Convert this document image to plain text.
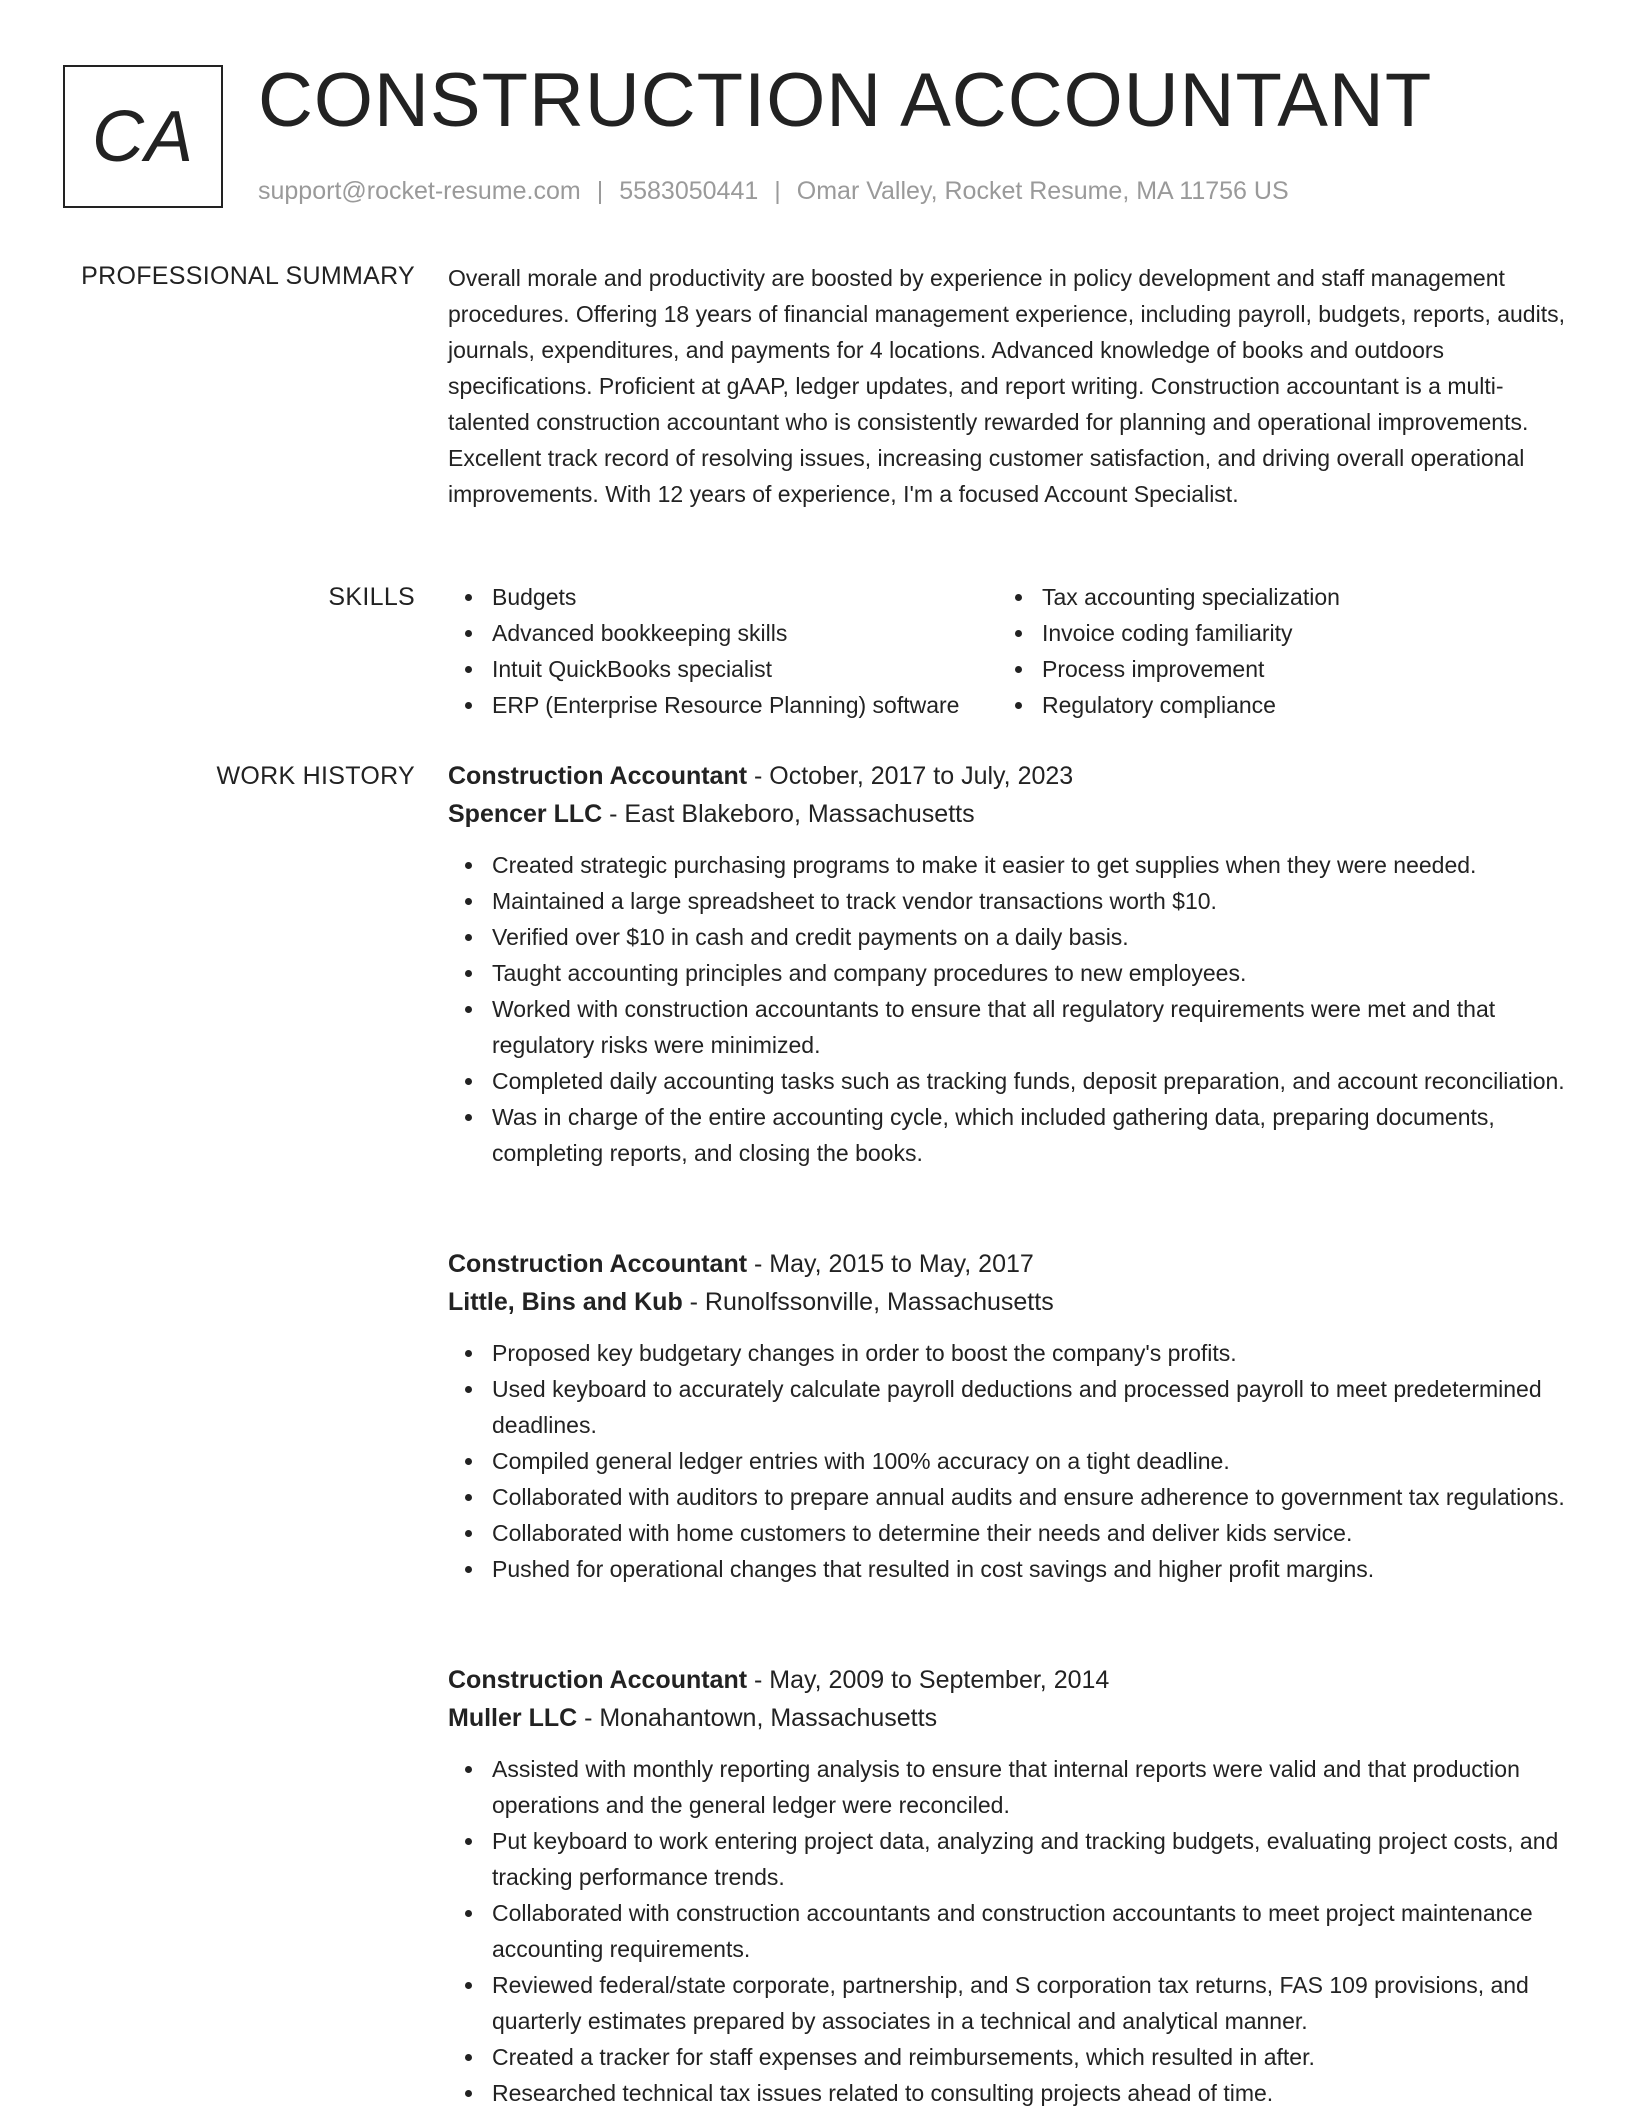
CA CONSTRUCTION ACCOUNTANT
support@rocket-resume.com | 5583050441 | Omar Valley, Rocket Resume, MA 11756 US
PROFESSIONAL SUMMARY Overall morale and productivity are boosted by experience in policy development and staff management procedures. Offering 18 years of financial management experience, including payroll, budgets, reports, audits, journals, expenditures, and payments for 4 locations. Advanced knowledge of books and outdoors specifications. Proficient at gAAP, ledger updates, and report writing. Construction accountant is a multi-talented construction accountant who is consistently rewarded for planning and operational improvements. Excellent track record of resolving issues, increasing customer satisfaction, and driving overall operational improvements. With 12 years of experience, I'm a focused Account Specialist.

SKILLS	Budgets
Advanced bookkeeping skills
Intuit QuickBooks specialist
ERP (Enterprise Resource Planning) software
Tax accounting specialization
Invoice coding familiarity
Process improvement
Regulatory compliance
WORK HISTORY Construction Accountant - October, 2017 to July, 2023
Spencer LLC - East Blakeboro, Massachusetts
Created strategic purchasing programs to make it easier to get supplies when they were needed.
Maintained a large spreadsheet to track vendor transactions worth $10.
Verified over $10 in cash and credit payments on a daily basis.
Taught accounting principles and company procedures to new employees.
Worked with construction accountants to ensure that all regulatory requirements were met and that regulatory risks were minimized.
Completed daily accounting tasks such as tracking funds, deposit preparation, and account reconciliation.
Was in charge of the entire accounting cycle, which included gathering data, preparing documents, completing reports, and closing the books.
Construction Accountant - May, 2015 to May, 2017
Little, Bins and Kub - Runolfssonville, Massachusetts
Proposed key budgetary changes in order to boost the company's profits.
Used keyboard to accurately calculate payroll deductions and processed payroll to meet predetermined deadlines.
Compiled general ledger entries with 100% accuracy on a tight deadline.
Collaborated with auditors to prepare annual audits and ensure adherence to government tax regulations.
Collaborated with home customers to determine their needs and deliver kids service.
Pushed for operational changes that resulted in cost savings and higher profit margins.
Construction Accountant - May, 2009 to September, 2014
Muller LLC - Monahantown, Massachusetts
Assisted with monthly reporting analysis to ensure that internal reports were valid and that production operations and the general ledger were reconciled.
Put keyboard to work entering project data, analyzing and tracking budgets, evaluating project costs, and tracking performance trends.
Collaborated with construction accountants and construction accountants to meet project maintenance accounting requirements.
Reviewed federal/state corporate, partnership, and S corporation tax returns, FAS 109 provisions, and quarterly estimates prepared by associates in a technical and analytical manner.
Created a tracker for staff expenses and reimbursements, which resulted in after.
Researched technical tax issues related to consulting projects ahead of time.
